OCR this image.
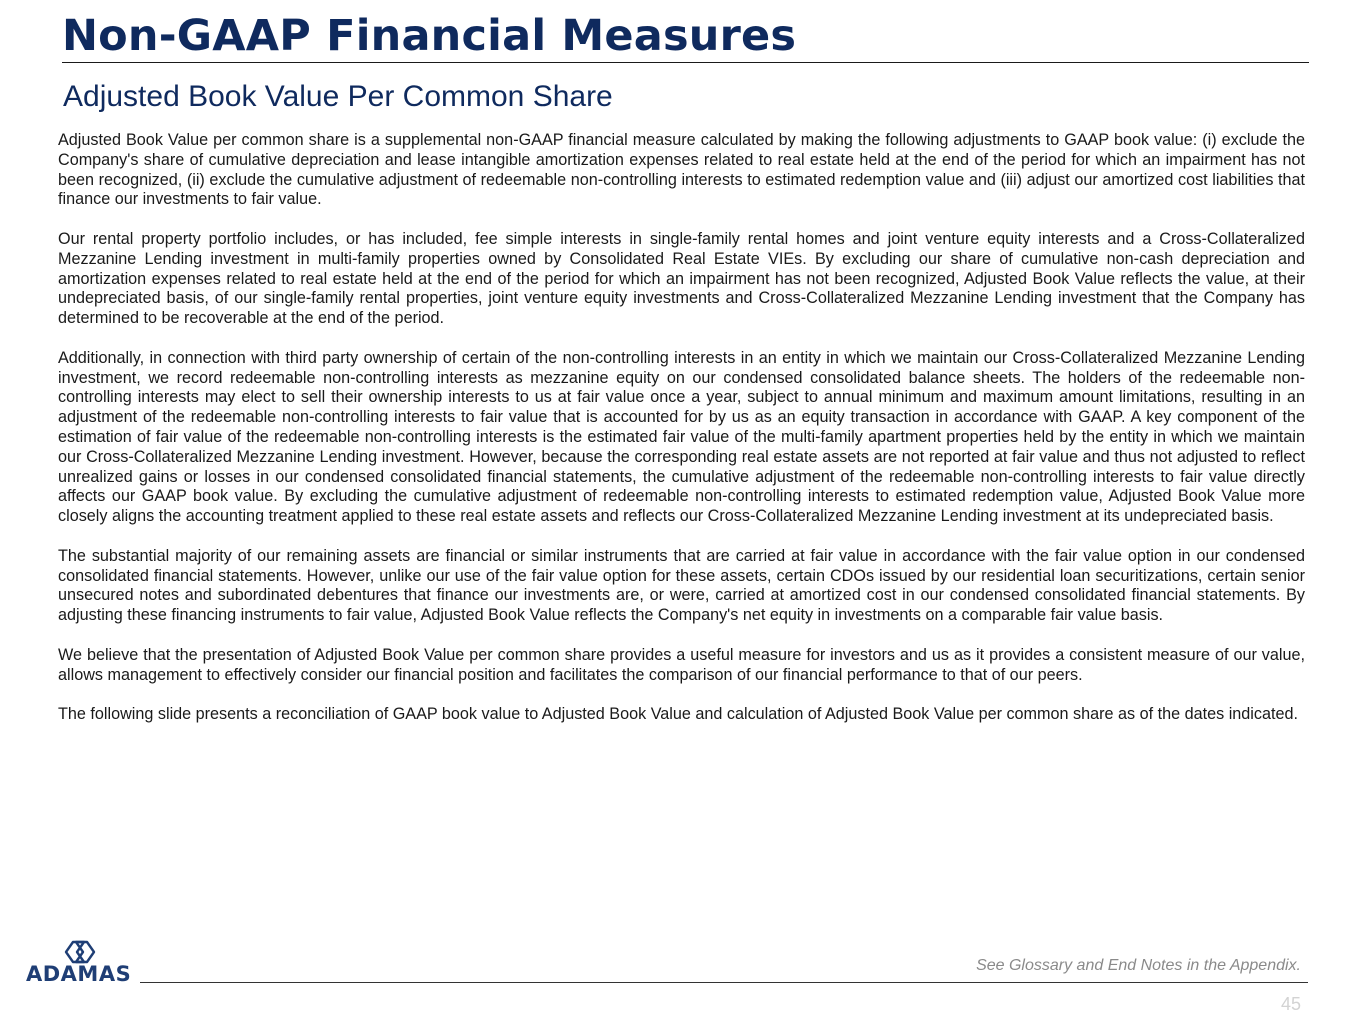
Non-GAAP Financial Measures
Adjusted Book Value Per Common Share

Adjusted Book Value per common share is a supplemental non-GAAP financial measure calculated by making the following adjustments to GAAP book value: (i) exclude the Company's share of cumulative depreciation and lease intangible amortization expenses related to real estate held at the end of the period for which an impairment has not been recognized, (ii) exclude the cumulative adjustment of redeemable non-controlling interests to estimated redemption value and (iii) adjust our amortized cost liabilities that finance our investments to fair value.

Our rental property portfolio includes, or has included, fee simple interests in single-family rental homes and joint venture equity interests and a Cross-Collateralized Mezzanine Lending investment in multi-family properties owned by Consolidated Real Estate VIEs. By excluding our share of cumulative non-cash depreciation and amortization expenses related to real estate held at the end of the period for which an impairment has not been recognized, Adjusted Book Value reflects the value, at their undepreciated basis, of our single-family rental properties, joint venture equity investments and Cross-Collateralized Mezzanine Lending investment that the Company has determined to be recoverable at the end of the period.

Additionally, in connection with third party ownership of certain of the non-controlling interests in an entity in which we maintain our Cross-Collateralized Mezzanine Lending investment, we record redeemable non-controlling interests as mezzanine equity on our condensed consolidated balance sheets. The holders of the redeemable non-controlling interests may elect to sell their ownership interests to us at fair value once a year, subject to annual minimum and maximum amount limitations, resulting in an adjustment of the redeemable non-controlling interests to fair value that is accounted for by us as an equity transaction in accordance with GAAP. A key component of the estimation of fair value of the redeemable non-controlling interests is the estimated fair value of the multi-family apartment properties held by the entity in which we maintain our Cross-Collateralized Mezzanine Lending investment. However, because the corresponding real estate assets are not reported at fair value and thus not adjusted to reflect unrealized gains or losses in our condensed consolidated financial statements, the cumulative adjustment of the redeemable non-controlling interests to fair value directly affects our GAAP book value. By excluding the cumulative adjustment of redeemable non-controlling interests to estimated redemption value, Adjusted Book Value more closely aligns the accounting treatment applied to these real estate assets and reflects our Cross-Collateralized Mezzanine Lending investment at its undepreciated basis.

The substantial majority of our remaining assets are financial or similar instruments that are carried at fair value in accordance with the fair value option in our condensed consolidated financial statements. However, unlike our use of the fair value option for these assets, certain CDOs issued by our residential loan securitizations, certain senior unsecured notes and subordinated debentures that finance our investments are, or were, carried at amortized cost in our condensed consolidated financial statements. By adjusting these financing instruments to fair value, Adjusted Book Value reflects the Company's net equity in investments on a comparable fair value basis.

We believe that the presentation of Adjusted Book Value per common share provides a useful measure for investors and us as it provides a consistent measure of our value, allows management to effectively consider our financial position and facilitates the comparison of our financial performance to that of our peers.

The following slide presents a reconciliation of GAAP book value to Adjusted Book Value and calculation of Adjusted Book Value per common share as of the dates indicated.

ADAMAS	See Glossary and End Notes in the Appendix.
45
